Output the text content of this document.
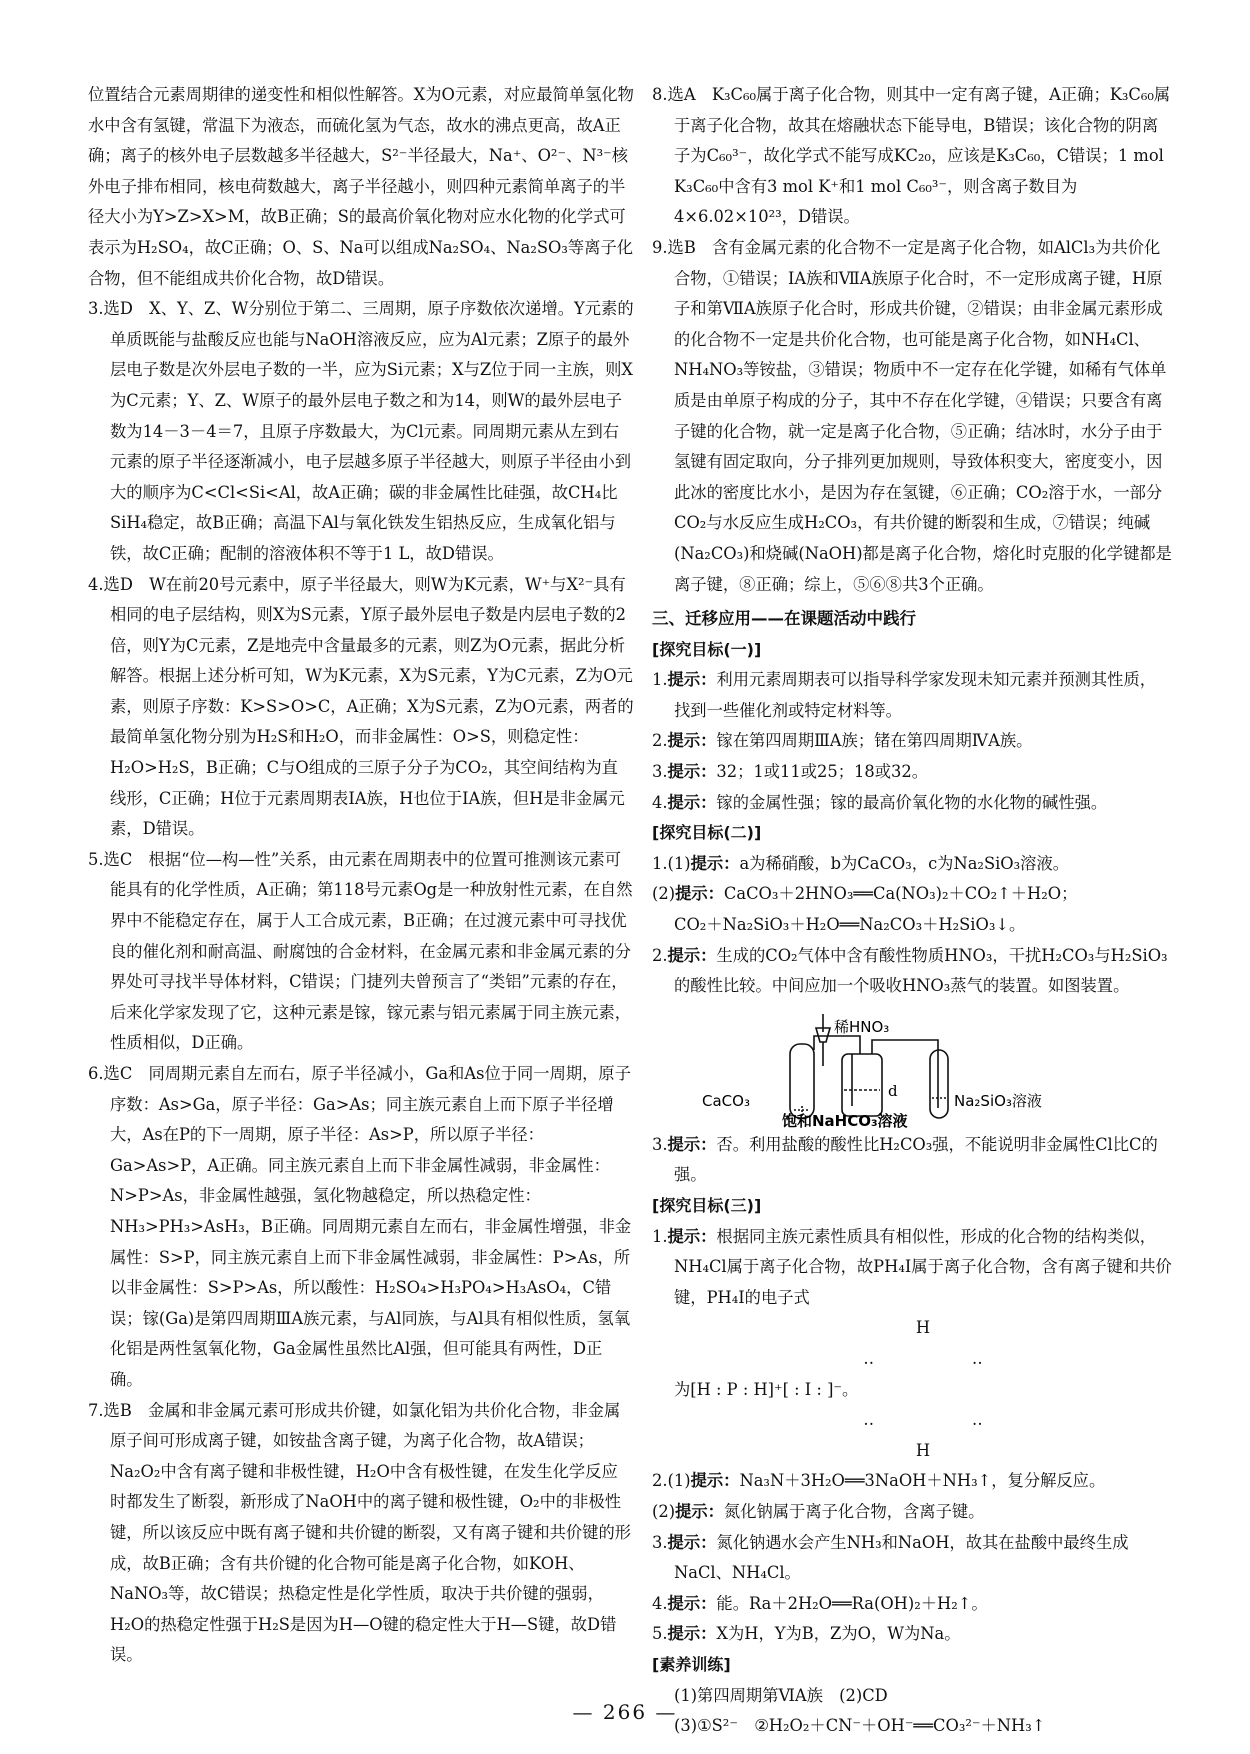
位置结合元素周期律的递变性和相似性解答。X为O元素，对应最简单氢化物水中含有氢键，常温下为液态，而硫化氢为气态，故水的沸点更高，故A正确；离子的核外电子层数越多半径越大，S²⁻半径最大，Na⁺、O²⁻、N³⁻核外电子排布相同，核电荷数越大，离子半径越小，则四种元素简单离子的半径大小为Y>Z>X>M，故B正确；S的最高价氧化物对应水化物的化学式可表示为H₂SO₄，故C正确；O、S、Na可以组成Na₂SO₄、Na₂SO₃等离子化合物，但不能组成共价化合物，故D错误。

3.选D　X、Y、Z、W分别位于第二、三周期，原子序数依次递增。Y元素的单质既能与盐酸反应也能与NaOH溶液反应，应为Al元素；Z原子的最外层电子数是次外层电子数的一半，应为Si元素；X与Z位于同一主族，则X为C元素；Y、Z、W原子的最外层电子数之和为14，则W的最外层电子数为14－3－4＝7，且原子序数最大，为Cl元素。同周期元素从左到右元素的原子半径逐渐减小，电子层越多原子半径越大，则原子半径由小到大的顺序为C<Cl<Si<Al，故A正确；碳的非金属性比硅强，故CH₄比SiH₄稳定，故B正确；高温下Al与氧化铁发生铝热反应，生成氧化铝与铁，故C正确；配制的溶液体积不等于1 L，故D错误。

4.选D　W在前20号元素中，原子半径最大，则W为K元素，W⁺与X²⁻具有相同的电子层结构，则X为S元素，Y原子最外层电子数是内层电子数的2倍，则Y为C元素，Z是地壳中含量最多的元素，则Z为O元素，据此分析解答。根据上述分析可知，W为K元素，X为S元素，Y为C元素，Z为O元素，则原子序数：K>S>O>C，A正确；X为S元素，Z为O元素，两者的最简单氢化物分别为H₂S和H₂O，而非金属性：O>S，则稳定性：H₂O>H₂S，B正确；C与O组成的三原子分子为CO₂，其空间结构为直线形，C正确；H位于元素周期表ⅠA族，H也位于ⅠA族，但H是非金属元素，D错误。

5.选C　根据“位—构—性”关系，由元素在周期表中的位置可推测该元素可能具有的化学性质，A正确；第118号元素Og是一种放射性元素，在自然界中不能稳定存在，属于人工合成元素，B正确；在过渡元素中可寻找优良的催化剂和耐高温、耐腐蚀的合金材料，在金属元素和非金属元素的分界处可寻找半导体材料，C错误；门捷列夫曾预言了“类铝”元素的存在，后来化学家发现了它，这种元素是镓，镓元素与铝元素属于同主族元素，性质相似，D正确。

6.选C　同周期元素自左而右，原子半径减小，Ga和As位于同一周期，原子序数：As>Ga，原子半径：Ga>As；同主族元素自上而下原子半径增大，As在P的下一周期，原子半径：As>P，所以原子半径：Ga>As>P，A正确。同主族元素自上而下非金属性减弱，非金属性：N>P>As，非金属性越强，氢化物越稳定，所以热稳定性：NH₃>PH₃>AsH₃，B正确。同周期元素自左而右，非金属性增强，非金属性：S>P，同主族元素自上而下非金属性减弱，非金属性：P>As，所以非金属性：S>P>As，所以酸性：H₂SO₄>H₃PO₄>H₃AsO₄，C错误；镓(Ga)是第四周期ⅢA族元素，与Al同族，与Al具有相似性质，氢氧化铝是两性氢氧化物，Ga金属性虽然比Al强，但可能具有两性，D正确。

7.选B　金属和非金属元素可形成共价键，如氯化铝为共价化合物，非金属原子间可形成离子键，如铵盐含离子键，为离子化合物，故A错误；Na₂O₂中含有离子键和非极性键，H₂O中含有极性键，在发生化学反应时都发生了断裂，新形成了NaOH中的离子键和极性键，O₂中的非极性键，所以该反应中既有离子键和共价键的断裂，又有离子键和共价键的形成，故B正确；含有共价键的化合物可能是离子化合物，如KOH、NaNO₃等，故C错误；热稳定性是化学性质，取决于共价键的强弱，H₂O的热稳定性强于H₂S是因为H—O键的稳定性大于H—S键，故D错误。

8.选A　K₃C₆₀属于离子化合物，则其中一定有离子键，A正确；K₃C₆₀属于离子化合物，故其在熔融状态下能导电，B错误；该化合物的阴离子为C₆₀³⁻，故化学式不能写成KC₂₀，应该是K₃C₆₀，C错误；1 mol K₃C₆₀中含有3 mol K⁺和1 mol C₆₀³⁻，则含离子数目为4×6.02×10²³，D错误。

9.选B　含有金属元素的化合物不一定是离子化合物，如AlCl₃为共价化合物，①错误；ⅠA族和ⅦA族原子化合时，不一定形成离子键，H原子和第ⅦA族原子化合时，形成共价键，②错误；由非金属元素形成的化合物不一定是共价化合物，也可能是离子化合物，如NH₄Cl、NH₄NO₃等铵盐，③错误；物质中不一定存在化学键，如稀有气体单质是由单原子构成的分子，其中不存在化学键，④错误；只要含有离子键的化合物，就一定是离子化合物，⑤正确；结冰时，水分子由于氢键有固定取向，分子排列更加规则，导致体积变大，密度变小，因此冰的密度比水小，是因为存在氢键，⑥正确；CO₂溶于水，一部分CO₂与水反应生成H₂CO₃，有共价键的断裂和生成，⑦错误；纯碱(Na₂CO₃)和烧碱(NaOH)都是离子化合物，熔化时克服的化学键都是离子键，⑧正确；综上，⑤⑥⑧共3个正确。

三、迁移应用——在课题活动中践行

[探究目标(一)]

1.提示：利用元素周期表可以指导科学家发现未知元素并预测其性质，找到一些催化剂或特定材料等。

2.提示：镓在第四周期ⅢA族；锗在第四周期ⅣA族。

3.提示：32；1或11或25；18或32。

4.提示：镓的金属性强；镓的最高价氧化物的水化物的碱性强。

[探究目标(二)]

1.(1)提示：a为稀硝酸，b为CaCO₃，c为Na₂SiO₃溶液。

(2)提示：CaCO₃＋2HNO₃══Ca(NO₃)₂＋CO₂↑＋H₂O；

CO₂＋Na₂SiO₃＋H₂O══Na₂CO₃＋H₂SiO₃↓。

2.提示：生成的CO₂气体中含有酸性物质HNO₃，干扰H₂CO₃与H₂SiO₃的酸性比较。中间应加一个吸收HNO₃蒸气的装置。如图装置。

稀HNO₃
CaCO₃
d
Na₂SiO₃溶液
饱和NaHCO₃溶液

3.提示：否。利用盐酸的酸性比H₂CO₃强，不能说明非金属性Cl比C的强。

[探究目标(三)]

1.提示：根据同主族元素性质具有相似性，形成的化合物的结构类似，NH₄Cl属于离子化合物，故PH₄I属于离子化合物，含有离子键和共价键，PH₄I的电子式

H

‥　　　　　　‥

为[H : P : H]⁺[ : I : ]⁻。

‥　　　　　　‥

H

2.(1)提示：Na₃N＋3H₂O══3NaOH＋NH₃↑，复分解反应。

(2)提示：氮化钠属于离子化合物，含离子键。

3.提示：氮化钠遇水会产生NH₃和NaOH，故其在盐酸中最终生成NaCl、NH₄Cl。

4.提示：能。Ra＋2H₂O══Ra(OH)₂＋H₂↑。

5.提示：X为H，Y为B，Z为O，W为Na。

[素养训练]

(1)第四周期第ⅥA族　(2)CD

(3)①S²⁻　②H₂O₂＋CN⁻＋OH⁻══CO₃²⁻＋NH₃↑

— 266 —
